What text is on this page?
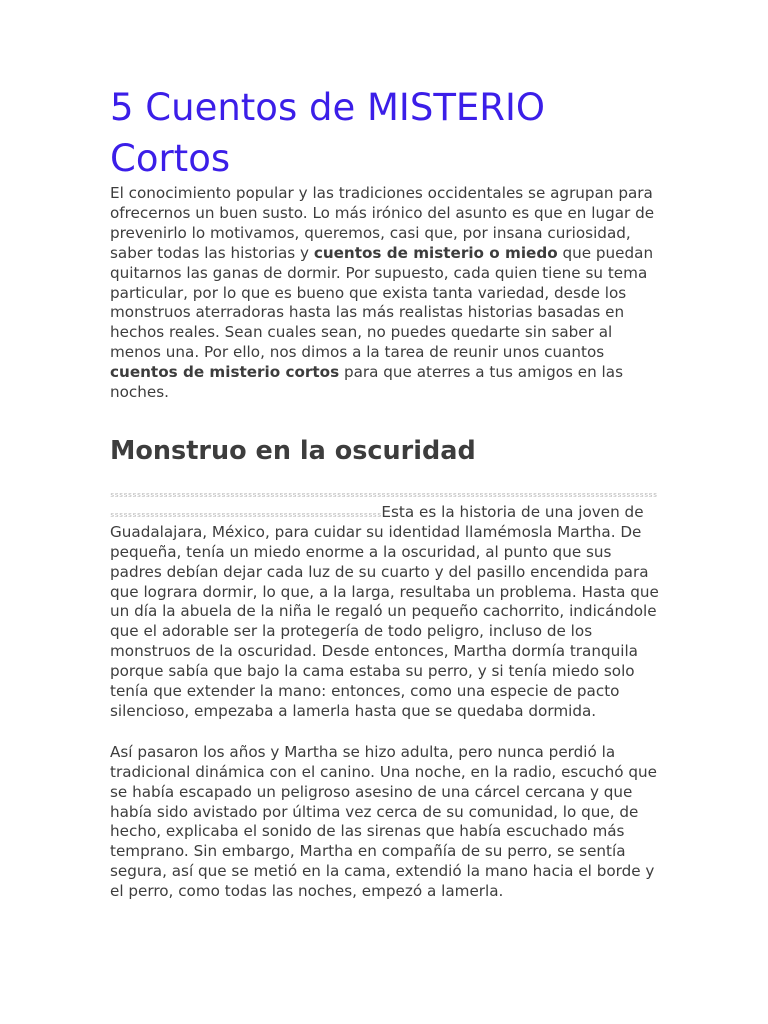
5 Cuentos de MISTERIO Cortos

El conocimiento popular y las tradiciones occidentales se agrupan para ofrecernos un buen susto. Lo más irónico del asunto es que en lugar de prevenirlo lo motivamos, queremos, casi que, por insana curiosidad, saber todas las historias y cuentos de misterio o miedo que puedan quitarnos las ganas de dormir. Por supuesto, cada quien tiene su tema particular, por lo que es bueno que exista tanta variedad, desde los monstruos aterradoras hasta las más realistas historias basadas en hechos reales. Sean cuales sean, no puedes quedarte sin saber al menos una. Por ello, nos dimos a la tarea de reunir unos cuantos cuentos de misterio cortos para que aterres a tus amigos en las noches.

Monstruo en la oscuridad

ssssssssssssssssssssssssssssssssssssssssssssssssssssssssssssssssssssssssssssssssssssssssssssssssssssssssssssssssssssssssssssssssssssssssssssssssssssssssssssssssssssssssssssssssssssssssEsta es la historia de una joven de Guadalajara, México, para cuidar su identidad llamémosla Martha. De pequeña, tenía un miedo enorme a la oscuridad, al punto que sus padres debían dejar cada luz de su cuarto y del pasillo encendida para que lograra dormir, lo que, a la larga, resultaba un problema. Hasta que un día la abuela de la niña le regaló un pequeño cachorrito, indicándole que el adorable ser la protegería de todo peligro, incluso de los monstruos de la oscuridad. Desde entonces, Martha dormía tranquila porque sabía que bajo la cama estaba su perro, y si tenía miedo solo tenía que extender la mano: entonces, como una especie de pacto silencioso, empezaba a lamerla hasta que se quedaba dormida.

Así pasaron los años y Martha se hizo adulta, pero nunca perdió la tradicional dinámica con el canino. Una noche, en la radio, escuchó que se había escapado un peligroso asesino de una cárcel cercana y que había sido avistado por última vez cerca de su comunidad, lo que, de hecho, explicaba el sonido de las sirenas que había escuchado más temprano. Sin embargo, Martha en compañía de su perro, se sentía segura, así que se metió en la cama, extendió la mano hacia el borde y el perro, como todas las noches, empezó a lamerla.
